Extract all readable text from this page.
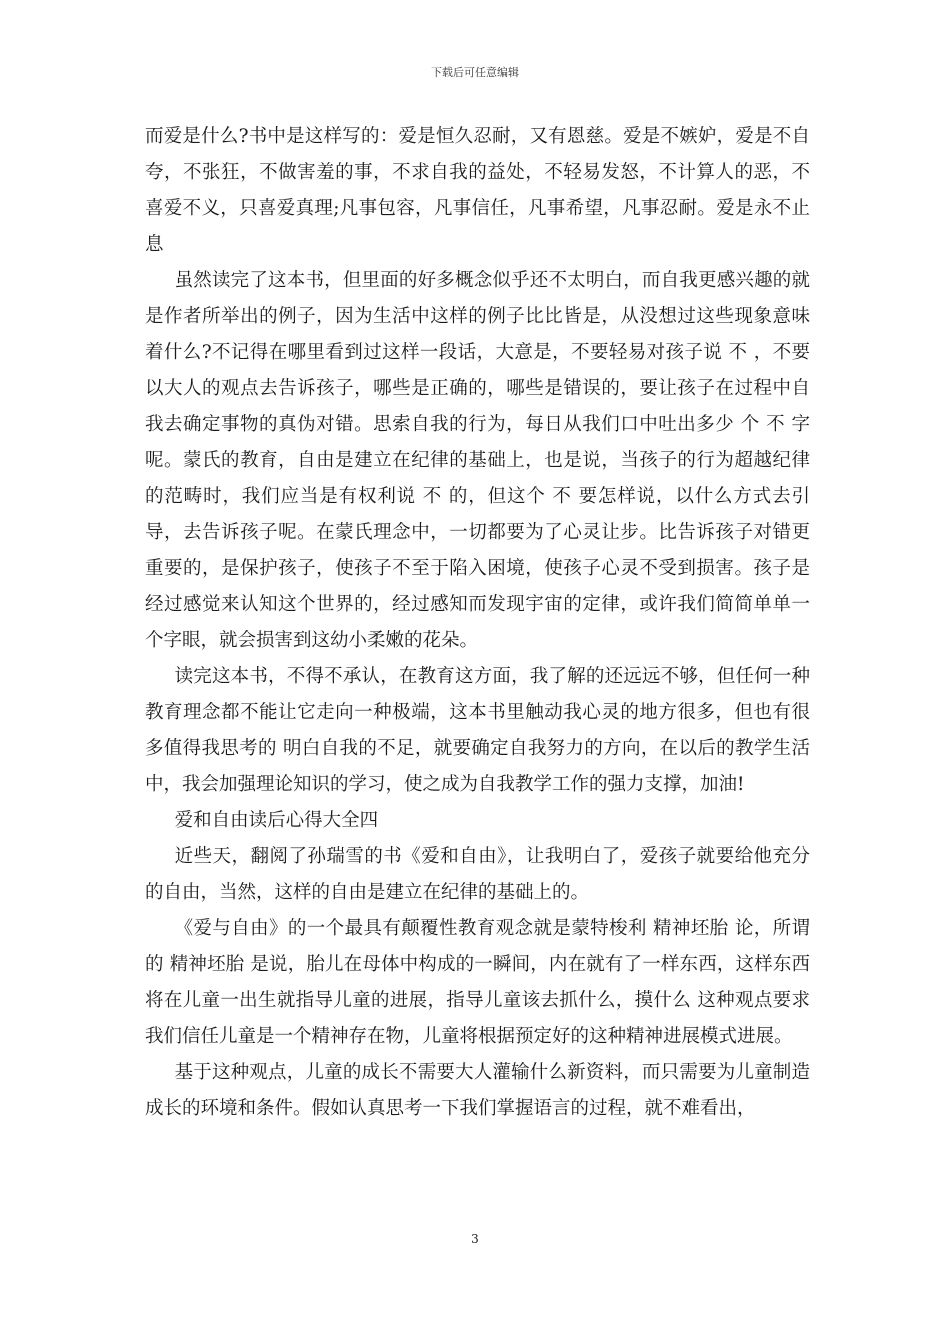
下载后可任意编辑

而爱是什么?书中是这样写的：爱是恒久忍耐，又有恩慈。爱是不嫉妒，爱是不自夸，不张狂，不做害羞的事，不求自我的益处，不轻易发怒，不计算人的恶，不喜爱不义，只喜爱真理;凡事包容，凡事信任，凡事希望，凡事忍耐。爱是永不止息

虽然读完了这本书，但里面的好多概念似乎还不太明白，而自我更感兴趣的就是作者所举出的例子，因为生活中这样的例子比比皆是，从没想过这些现象意味着什么?不记得在哪里看到过这样一段话，大意是，不要轻易对孩子说 不 ，不要以大人的观点去告诉孩子，哪些是正确的，哪些是错误的，要让孩子在过程中自我去确定事物的真伪对错。思索自我的行为，每日从我们口中吐出多少 个 不 字呢。蒙氏的教育，自由是建立在纪律的基础上，也是说，当孩子的行为超越纪律的范畴时，我们应当是有权利说 不 的，但这个 不 要怎样说，以什么方式去引导，去告诉孩子呢。在蒙氏理念中，一切都要为了心灵让步。比告诉孩子对错更重要的，是保护孩子，使孩子不至于陷入困境，使孩子心灵不受到损害。孩子是经过感觉来认知这个世界的，经过感知而发现宇宙的定律，或许我们简简单单一个字眼，就会损害到这幼小柔嫩的花朵。

读完这本书，不得不承认，在教育这方面，我了解的还远远不够，但任何一种教育理念都不能让它走向一种极端，这本书里触动我心灵的地方很多，但也有很多值得我思考的 明白自我的不足，就要确定自我努力的方向，在以后的教学生活中，我会加强理论知识的学习，使之成为自我教学工作的强力支撑，加油!

爱和自由读后心得大全四

近些天，翻阅了孙瑞雪的书《爱和自由》，让我明白了，爱孩子就要给他充分的自由，当然，这样的自由是建立在纪律的基础上的。

《爱与自由》的一个最具有颠覆性教育观念就是蒙特梭利 精神坯胎 论，所谓的 精神坯胎 是说，胎儿在母体中构成的一瞬间，内在就有了一样东西，这样东西将在儿童一出生就指导儿童的进展，指导儿童该去抓什么，摸什么 这种观点要求我们信任儿童是一个精神存在物，儿童将根据预定好的这种精神进展模式进展。

基于这种观点，儿童的成长不需要大人灌输什么新资料，而只需要为儿童制造成长的环境和条件。假如认真思考一下我们掌握语言的过程，就不难看出，

3
